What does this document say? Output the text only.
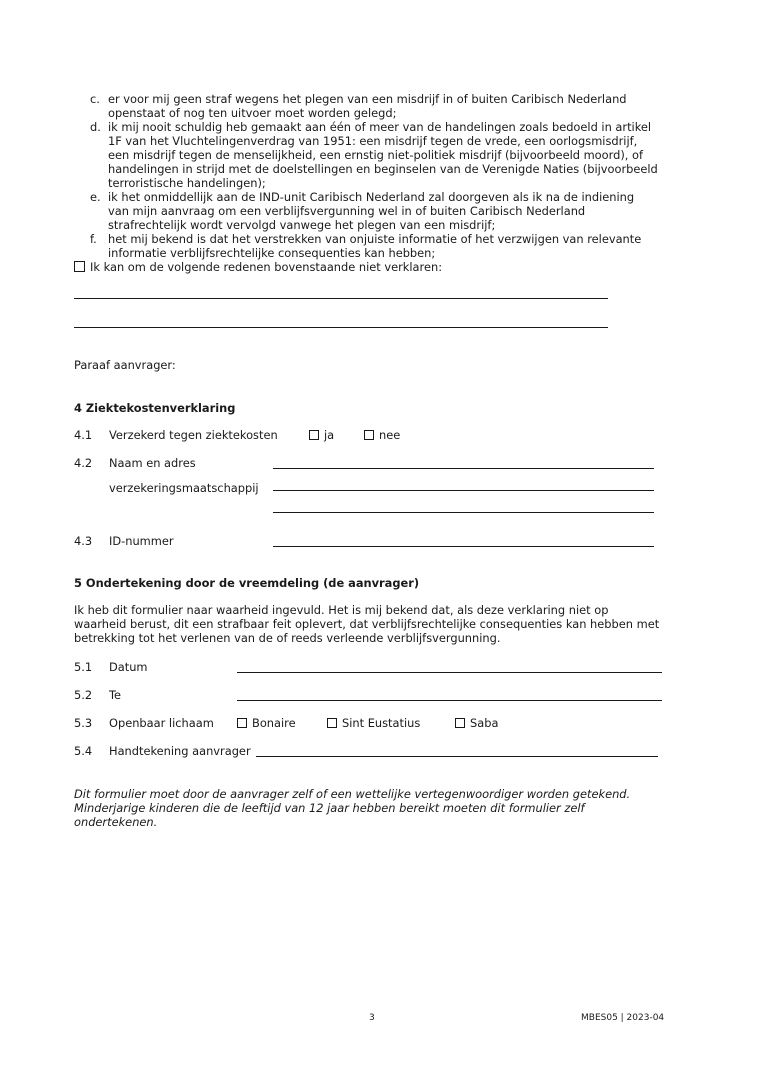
c. er voor mij geen straf wegens het plegen van een misdrijf in of buiten Caribisch Nederland
openstaat of nog ten uitvoer moet worden gelegd;
d. ik mij nooit schuldig heb gemaakt aan één of meer van de handelingen zoals bedoeld in artikel
1F van het Vluchtelingenverdrag van 1951: een misdrijf tegen de vrede, een oorlogsmisdrijf,
een misdrijf tegen de menselijkheid, een ernstig niet-politiek misdrijf (bijvoorbeeld moord), of
handelingen in strijd met de doelstellingen en beginselen van de Verenigde Naties (bijvoorbeeld
terroristische handelingen);
e. ik het onmiddellijk aan de IND-unit Caribisch Nederland zal doorgeven als ik na de indiening
van mijn aanvraag om een verblijfsvergunning wel in of buiten Caribisch Nederland
strafrechtelijk wordt vervolgd vanwege het plegen van een misdrijf;
f. het mij bekend is dat het verstrekken van onjuiste informatie of het verzwijgen van relevante
informatie verblijfsrechtelijke consequenties kan hebben;
Ik kan om de volgende redenen bovenstaande niet verklaren:
Paraaf aanvrager:
4 Ziektekostenverklaring
4.1 Verzekerd tegen ziektekosten	ja	nee
4.2 Naam en adres
verzekeringsmaatschappij
4.3 ID-nummer
5 Ondertekening door de vreemdeling (de aanvrager)
Ik heb dit formulier naar waarheid ingevuld. Het is mij bekend dat, als deze verklaring niet op
waarheid berust, dit een strafbaar feit oplevert, dat verblijfsrechtelijke consequenties kan hebben met
betrekking tot het verlenen van de of reeds verleende verblijfsvergunning.
5.1 Datum
5.2 Te
5.3 Openbaar lichaam	Bonaire	Sint Eustatius	Saba
5.4 Handtekening aanvrager
Dit formulier moet door de aanvrager zelf of een wettelijke vertegenwoordiger worden getekend.
Minderjarige kinderen die de leeftijd van 12 jaar hebben bereikt moeten dit formulier zelf
ondertekenen.
3	MBES05 | 2023-04
